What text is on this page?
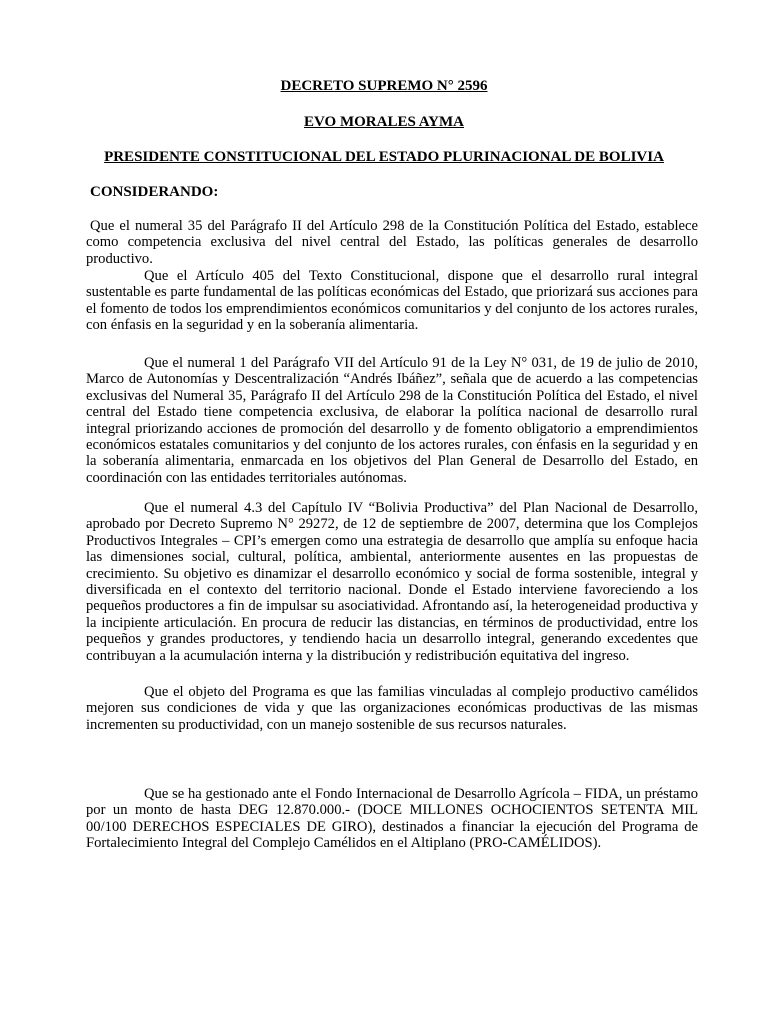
DECRETO SUPREMO N° 2596
EVO MORALES AYMA
PRESIDENTE CONSTITUCIONAL DEL ESTADO PLURINACIONAL DE BOLIVIA
CONSIDERANDO:
Que el numeral 35 del Parágrafo II del Artículo 298 de la Constitución Política del Estado, establece como competencia exclusiva del nivel central del Estado, las políticas generales de desarrollo productivo.
Que el Artículo 405 del Texto Constitucional, dispone que el desarrollo rural integral sustentable es parte fundamental de las políticas económicas del Estado, que priorizará sus acciones para el fomento de todos los emprendimientos económicos comunitarios y del conjunto de los actores rurales, con énfasis en la seguridad y en la soberanía alimentaria.
Que el numeral 1 del Parágrafo VII del Artículo 91 de la Ley N° 031, de 19 de julio de 2010, Marco de Autonomías y Descentralización “Andrés Ibáñez”, señala que de acuerdo a las competencias exclusivas del Numeral 35, Parágrafo II del Artículo 298 de la Constitución Política del Estado, el nivel central del Estado tiene competencia exclusiva, de elaborar la política nacional de desarrollo rural integral priorizando acciones de promoción del desarrollo y de fomento obligatorio a emprendimientos económicos estatales comunitarios y del conjunto de los actores rurales, con énfasis en la seguridad y en la soberanía alimentaria, enmarcada en los objetivos del Plan General de Desarrollo del Estado, en coordinación con las entidades territoriales autónomas.
Que el numeral 4.3 del Capítulo IV “Bolivia Productiva” del Plan Nacional de Desarrollo, aprobado por Decreto Supremo N° 29272, de 12 de septiembre de 2007, determina que los Complejos Productivos Integrales – CPI’s emergen como una estrategia de desarrollo que amplía su enfoque hacia las dimensiones social, cultural, política, ambiental, anteriormente ausentes en las propuestas de crecimiento. Su objetivo es dinamizar el desarrollo económico y social de forma sostenible, integral y diversificada en el contexto del territorio nacional. Donde el Estado interviene favoreciendo a los pequeños productores a fin de impulsar su asociatividad. Afrontando así, la heterogeneidad productiva y la incipiente articulación. En procura de reducir las distancias, en términos de productividad, entre los pequeños y grandes productores, y tendiendo hacia un desarrollo integral, generando excedentes que contribuyan a la acumulación interna y la distribución y redistribución equitativa del ingreso.
Que el objeto del Programa es que las familias vinculadas al complejo productivo camélidos mejoren sus condiciones de vida y que las organizaciones económicas productivas de las mismas incrementen su productividad, con un manejo sostenible de sus recursos naturales.
Que se ha gestionado ante el Fondo Internacional de Desarrollo Agrícola – FIDA, un préstamo por un monto de hasta DEG 12.870.000.- (DOCE MILLONES OCHOCIENTOS SETENTA MIL 00/100 DERECHOS ESPECIALES DE GIRO), destinados a financiar la ejecución del Programa de Fortalecimiento Integral del Complejo Camélidos en el Altiplano (PRO-CAMÉLIDOS).
